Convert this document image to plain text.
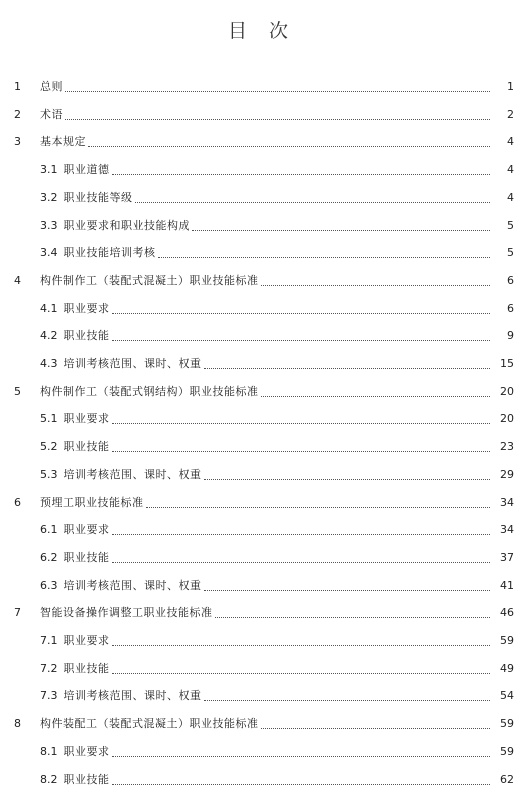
目 次
1	总则	1
2	术语	2
3	基本规定	4
3.1 职业道德	4
3.2 职业技能等级	4
3.3 职业要求和职业技能构成	5
3.4 职业技能培训考核	5
4	构件制作工（装配式混凝土）职业技能标准	6
4.1 职业要求	6
4.2 职业技能	9
4.3 培训考核范围、课时、权重	15
5	构件制作工（装配式钢结构）职业技能标准	20
5.1 职业要求	20
5.2 职业技能	23
5.3 培训考核范围、课时、权重	29
6	预埋工职业技能标准	34
6.1 职业要求	34
6.2 职业技能	37
6.3 培训考核范围、课时、权重	41
7	智能设备操作调整工职业技能标准	46
7.1 职业要求	59
7.2 职业技能	49
7.3 培训考核范围、课时、权重	54
8	构件装配工（装配式混凝土）职业技能标准	59
8.1 职业要求	59
8.2 职业技能	62
